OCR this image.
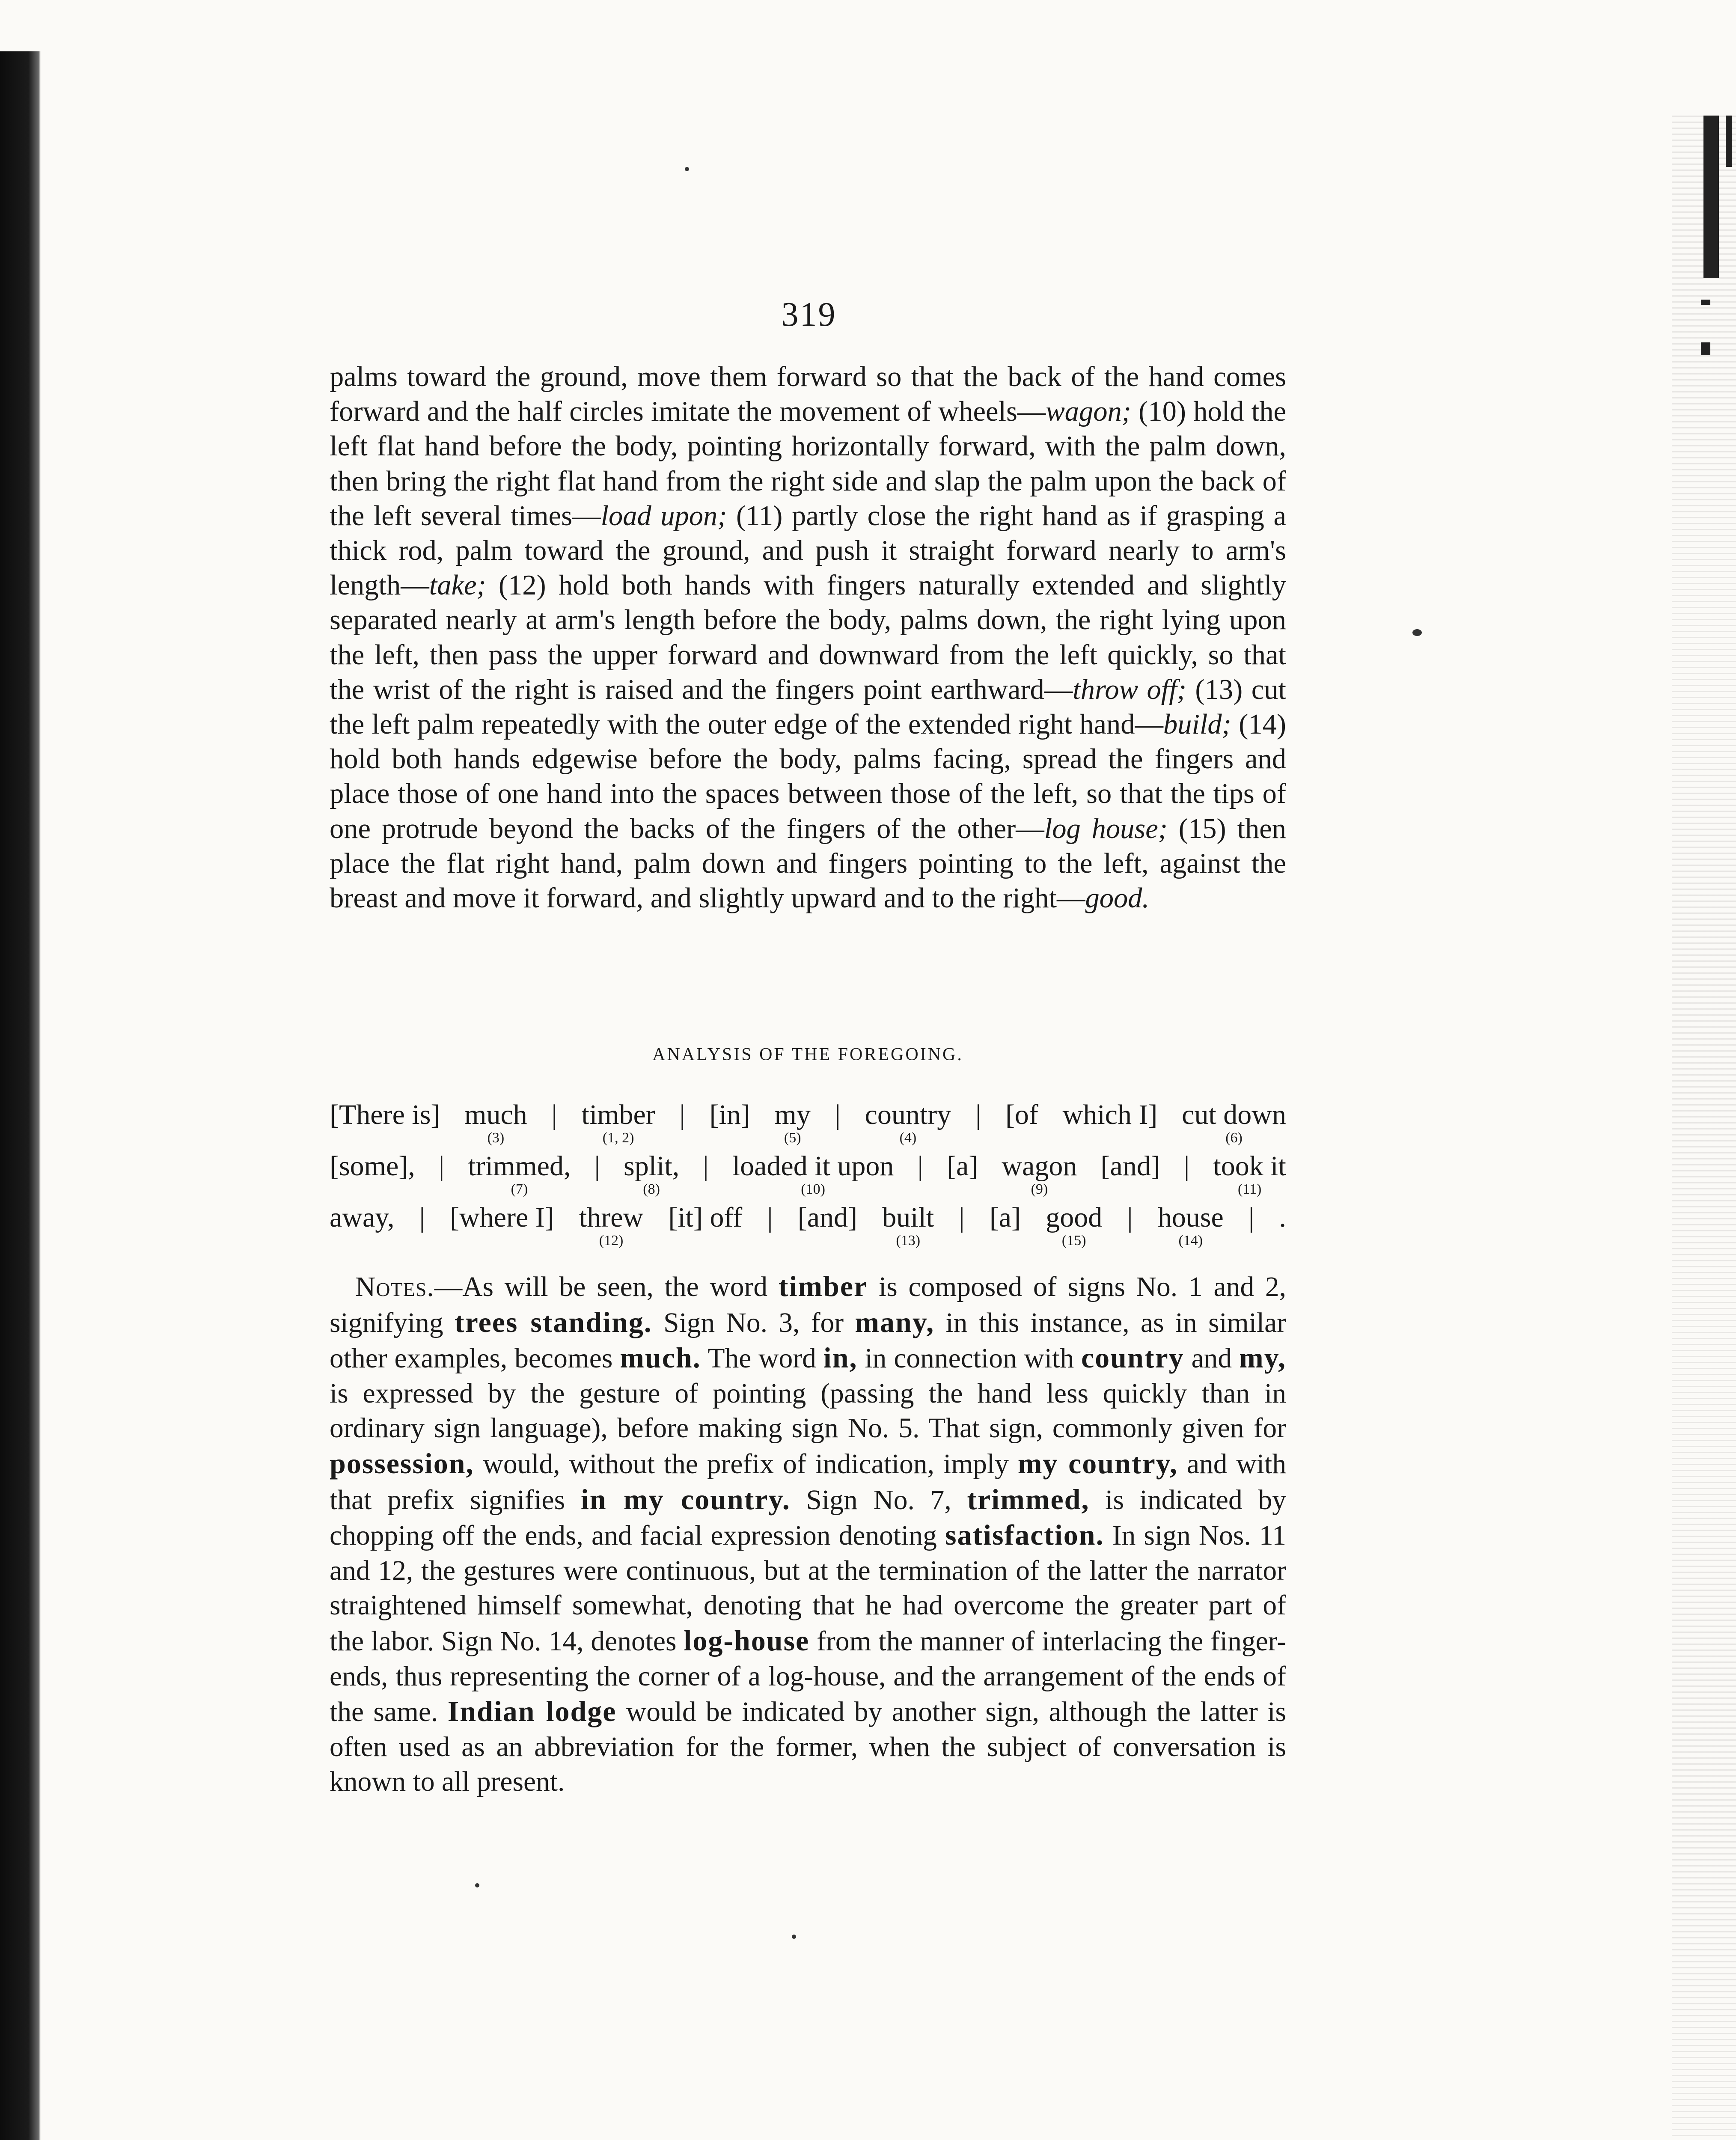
319

palms toward the ground, move them forward so that the back of the hand comes forward and the half circles imitate the movement of wheels—wagon; (10) hold the left flat hand before the body, pointing horizontally forward, with the palm down, then bring the right flat hand from the right side and slap the palm upon the back of the left several times—load upon; (11) partly close the right hand as if grasping a thick rod, palm toward the ground, and push it straight forward nearly to arm's length—take; (12) hold both hands with fingers naturally extended and slightly separated nearly at arm's length before the body, palms down, the right lying upon the left, then pass the upper forward and downward from the left quickly, so that the wrist of the right is raised and the fingers point earthward—throw off; (13) cut the left palm repeatedly with the outer edge of the extended right hand—build; (14) hold both hands edgewise before the body, palms facing, spread the fingers and place those of one hand into the spaces between those of the left, so that the tips of one protrude beyond the backs of the fingers of the other—log house; (15) then place the flat right hand, palm down and fingers pointing to the left, against the breast and move it forward, and slightly upward and to the right—good.

ANALYSIS OF THE FOREGOING.
[There is] much
(3)
| timber
(1, 2)
| [in] my
(5)
| country
(4)
| [of which I] cut down
(6)
[some], | trimmed,
(7)
| split,
(8)
| loaded it upon
(10)
| [a] wagon
(9)
[and] | took it
(11)
away, | [where I] threw
(12)
[it] off | [and] built
(13)
| [a] good
(15)
| house
(14)
| .

Notes.—As will be seen, the word timber is composed of signs No. 1 and 2, signifying trees standing. Sign No. 3, for many, in this instance, as in similar other examples, becomes much. The word in, in connection with country and my, is expressed by the gesture of pointing (passing the hand less quickly than in ordinary sign language), before making sign No. 5. That sign, commonly given for possession, would, without the prefix of indication, imply my country, and with that prefix signifies in my country. Sign No. 7, trimmed, is indicated by chopping off the ends, and facial expression denoting satisfaction. In sign Nos. 11 and 12, the gestures were continuous, but at the termination of the latter the narrator straightened himself somewhat, denoting that he had overcome the greater part of the labor. Sign No. 14, denotes log-house from the manner of interlacing the finger-ends, thus representing the corner of a log-house, and the arrangement of the ends of the same. Indian lodge would be indicated by another sign, although the latter is often used as an abbreviation for the former, when the subject of conversation is known to all present.
